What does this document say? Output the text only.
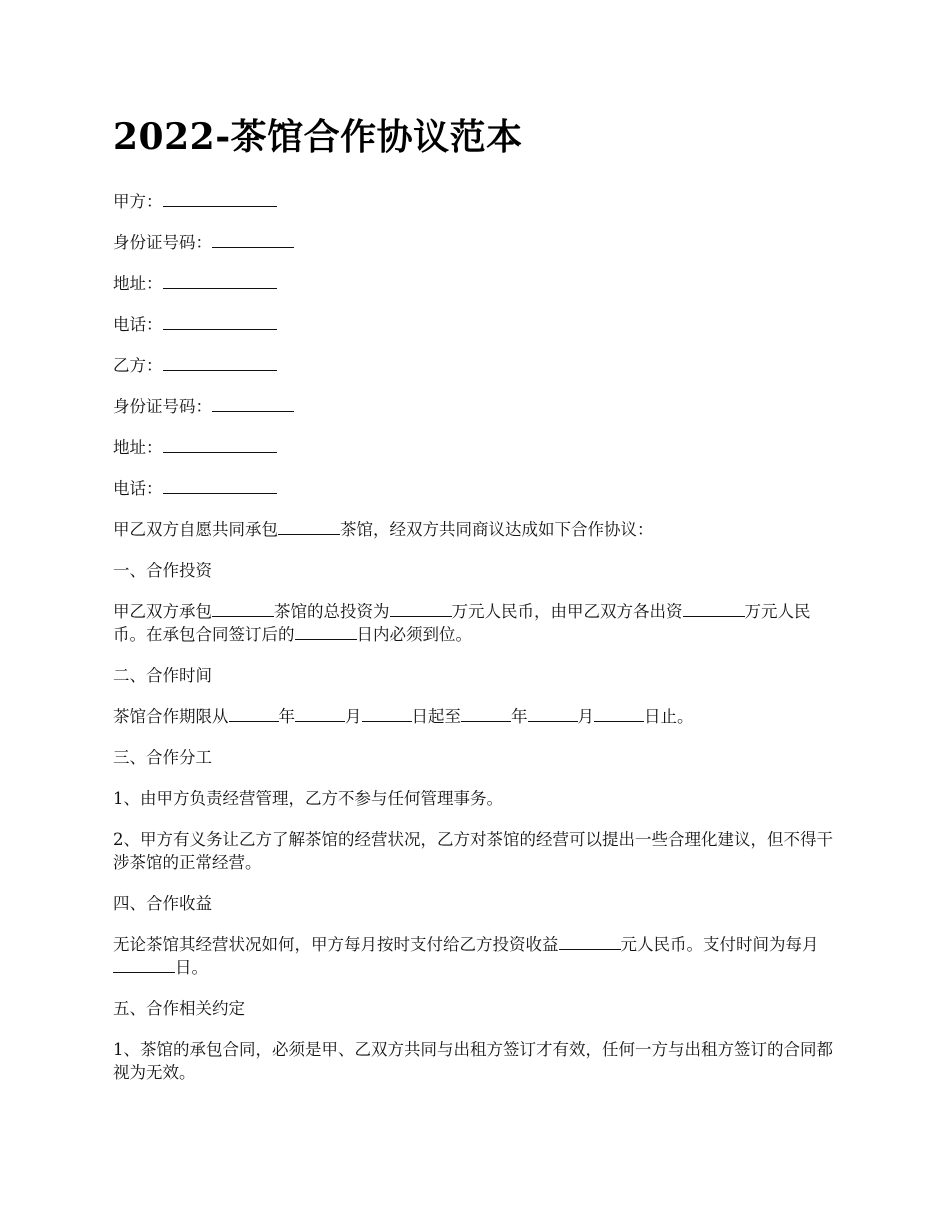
2022-茶馆合作协议范本

甲方：

身份证号码：

地址：

电话：

乙方：

身份证号码：

地址：

电话：

甲乙双方自愿共同承包	茶馆，经双方共同商议达成如下合作协议：

一、合作投资

甲乙双方承包	茶馆的总投资为	万元人民币，由甲乙双方各出资	万元人民币。在承包合同签订后的	日内必须到位。

二、合作时间

茶馆合作期限从	年	月	日起至	年	月	日止。

三、合作分工

1、由甲方负责经营管理，乙方不参与任何管理事务。

2、甲方有义务让乙方了解茶馆的经营状况，乙方对茶馆的经营可以提出一些合理化建议，但不得干涉茶馆的正常经营。

四、合作收益

无论茶馆其经营状况如何，甲方每月按时支付给乙方投资收益	元人民币。支付时间为每月日。

五、合作相关约定

1、茶馆的承包合同，必须是甲、乙双方共同与出租方签订才有效，任何一方与出租方签订的合同都视为无效。
